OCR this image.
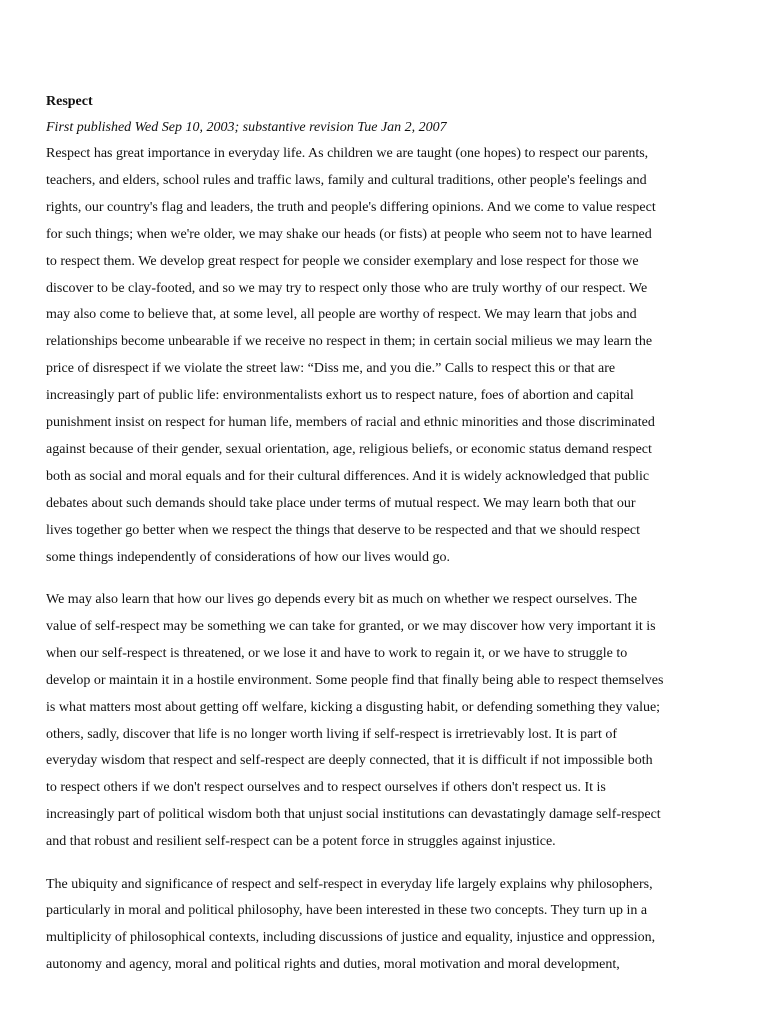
Respect
First published Wed Sep 10, 2003; substantive revision Tue Jan 2, 2007
Respect has great importance in everyday life. As children we are taught (one hopes) to respect our parents,
teachers, and elders, school rules and traffic laws, family and cultural traditions, other people's feelings and
rights, our country's flag and leaders, the truth and people's differing opinions. And we come to value respect
for such things; when we're older, we may shake our heads (or fists) at people who seem not to have learned
to respect them. We develop great respect for people we consider exemplary and lose respect for those we
discover to be clay-footed, and so we may try to respect only those who are truly worthy of our respect. We
may also come to believe that, at some level, all people are worthy of respect. We may learn that jobs and
relationships become unbearable if we receive no respect in them; in certain social milieus we may learn the
price of disrespect if we violate the street law: “Diss me, and you die.” Calls to respect this or that are
increasingly part of public life: environmentalists exhort us to respect nature, foes of abortion and capital
punishment insist on respect for human life, members of racial and ethnic minorities and those discriminated
against because of their gender, sexual orientation, age, religious beliefs, or economic status demand respect
both as social and moral equals and for their cultural differences. And it is widely acknowledged that public
debates about such demands should take place under terms of mutual respect. We may learn both that our
lives together go better when we respect the things that deserve to be respected and that we should respect
some things independently of considerations of how our lives would go.
We may also learn that how our lives go depends every bit as much on whether we respect ourselves. The
value of self-respect may be something we can take for granted, or we may discover how very important it is
when our self-respect is threatened, or we lose it and have to work to regain it, or we have to struggle to
develop or maintain it in a hostile environment. Some people find that finally being able to respect themselves
is what matters most about getting off welfare, kicking a disgusting habit, or defending something they value;
others, sadly, discover that life is no longer worth living if self-respect is irretrievably lost. It is part of
everyday wisdom that respect and self-respect are deeply connected, that it is difficult if not impossible both
to respect others if we don't respect ourselves and to respect ourselves if others don't respect us. It is
increasingly part of political wisdom both that unjust social institutions can devastatingly damage self-respect
and that robust and resilient self-respect can be a potent force in struggles against injustice.
The ubiquity and significance of respect and self-respect in everyday life largely explains why philosophers,
particularly in moral and political philosophy, have been interested in these two concepts. They turn up in a
multiplicity of philosophical contexts, including discussions of justice and equality, injustice and oppression,
autonomy and agency, moral and political rights and duties, moral motivation and moral development,
